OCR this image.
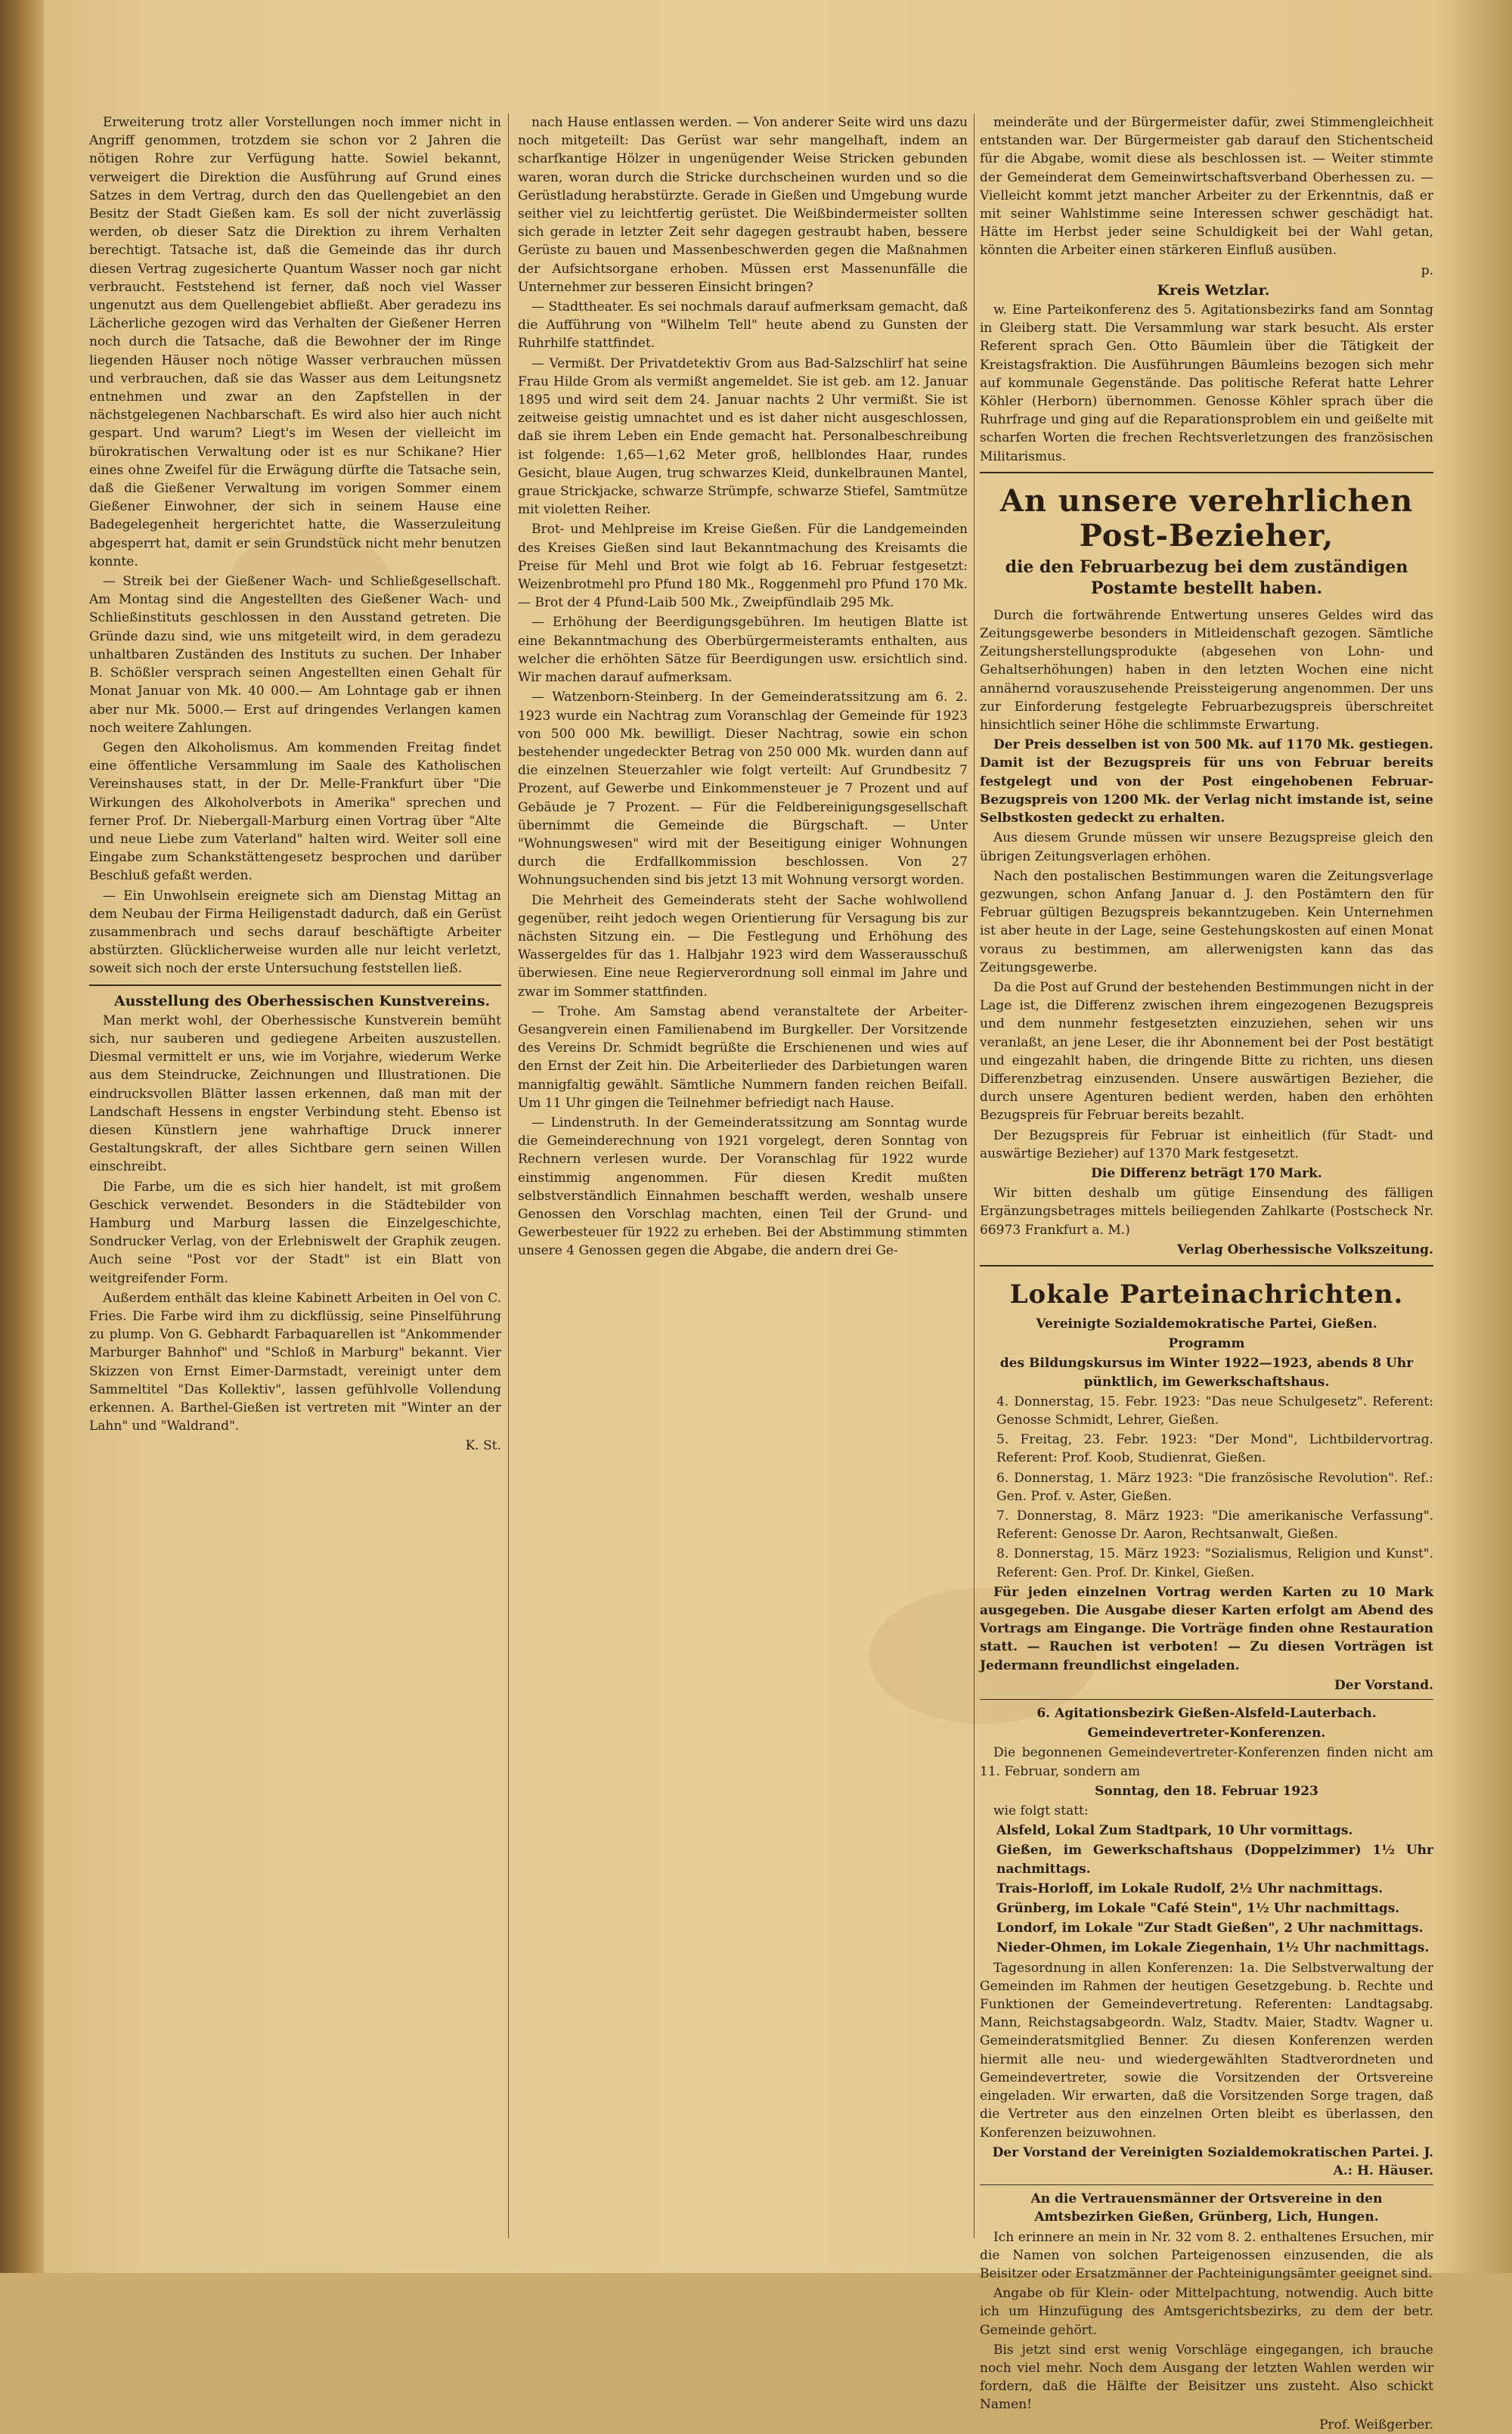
Erweiterung trotz aller Vorstellungen noch immer nicht in Angriff genommen, trotzdem sie schon vor 2 Jahren die nötigen Rohre zur Verfügung hatte. Sowiel bekannt, verweigert die Direktion die Ausführung auf Grund eines Satzes in dem Vertrag, durch den das Quellengebiet an den Besitz der Stadt Gießen kam. Es soll der nicht zuverlässig werden, ob dieser Satz die Direktion zu ihrem Verhalten berechtigt. Tatsache ist, daß die Gemeinde das ihr durch diesen Vertrag zugesicherte Quantum Wasser noch gar nicht verbraucht. Feststehend ist ferner, daß noch viel Wasser ungenutzt aus dem Quellengebiet abfließt. Aber geradezu ins Lächerliche gezogen wird das Verhalten der Gießener Herren noch durch die Tatsache, daß die Bewohner der im Ringe liegenden Häuser noch nötige Wasser verbrauchen müssen und verbrauchen, daß sie das Wasser aus dem Leitungsnetz entnehmen und zwar an den Zapfstellen in der nächstgelegenen Nachbarschaft. Es wird also hier auch nicht gespart. Und warum? Liegt's im Wesen der vielleicht im bürokratischen Verwaltung oder ist es nur Schikane? Hier eines ohne Zweifel für die Erwägung dürfte die Tatsache sein, daß die Gießener Verwaltung im vorigen Sommer einem Gießener Einwohner, der sich in seinem Hause eine Badegelegenheit hergerichtet hatte, die Wasserzuleitung abgesperrt hat, damit er sein Grundstück nicht mehr benutzen konnte.

— Streik bei der Gießener Wach- und Schließgesellschaft. Am Montag sind die Angestellten des Gießener Wach- und Schließinstituts geschlossen in den Ausstand getreten. Die Gründe dazu sind, wie uns mitgeteilt wird, in dem geradezu unhaltbaren Zuständen des Instituts zu suchen. Der Inhaber B. Schößler versprach seinen Angestellten einen Gehalt für Monat Januar von Mk. 40 000.— Am Lohntage gab er ihnen aber nur Mk. 5000.— Erst auf dringendes Verlangen kamen noch weitere Zahlungen.

Gegen den Alkoholismus. Am kommenden Freitag findet eine öffentliche Versammlung im Saale des Katholischen Vereinshauses statt, in der Dr. Melle-Frankfurt über "Die Wirkungen des Alkoholverbots in Amerika" sprechen und ferner Prof. Dr. Niebergall-Marburg einen Vortrag über "Alte und neue Liebe zum Vaterland" halten wird. Weiter soll eine Eingabe zum Schankstättengesetz besprochen und darüber Beschluß gefaßt werden.

— Ein Unwohlsein ereignete sich am Dienstag Mittag an dem Neubau der Firma Heiligenstadt dadurch, daß ein Gerüst zusammenbrach und sechs darauf beschäftigte Arbeiter abstürzten. Glücklicherweise wurden alle nur leicht verletzt, soweit sich noch der erste Untersuchung feststellen ließ.

Ausstellung des Oberhessischen Kunstvereins.

Man merkt wohl, der Oberhessische Kunstverein bemüht sich, nur sauberen und gediegene Arbeiten auszustellen. Diesmal vermittelt er uns, wie im Vorjahre, wiederum Werke aus dem Steindrucke, Zeichnungen und Illustrationen. Die eindrucksvollen Blätter lassen erkennen, daß man mit der Landschaft Hessens in engster Verbindung steht. Ebenso ist diesen Künstlern jene wahrhaftige Druck innerer Gestaltungskraft, der alles Sichtbare gern seinen Willen einschreibt.

Die Farbe, um die es sich hier handelt, ist mit großem Geschick verwendet. Besonders in die Städtebilder von Hamburg und Marburg lassen die Einzelgeschichte, Sondrucker Verlag, von der Erlebniswelt der Graphik zeugen. Auch seine "Post vor der Stadt" ist ein Blatt von weitgreifender Form.

Außerdem enthält das kleine Kabinett Arbeiten in Oel von C. Fries. Die Farbe wird ihm zu dickflüssig, seine Pinselführung zu plump. Von G. Gebhardt Farbaquarellen ist "Ankommender Marburger Bahnhof" und "Schloß in Marburg" bekannt. Vier Skizzen von Ernst Eimer-Darmstadt, vereinigt unter dem Sammeltitel "Das Kollektiv", lassen gefühlvolle Vollendung erkennen. A. Barthel-Gießen ist vertreten mit "Winter an der Lahn" und "Waldrand".

K. St.

nach Hause entlassen werden. — Von anderer Seite wird uns dazu noch mitgeteilt: Das Gerüst war sehr mangelhaft, indem an scharfkantige Hölzer in ungenügender Weise Stricken gebunden waren, woran durch die Stricke durchscheinen wurden und so die Gerüstladung herabstürzte. Gerade in Gießen und Umgebung wurde seither viel zu leichtfertig gerüstet. Die Weißbindermeister sollten sich gerade in letzter Zeit sehr dagegen gestraubt haben, bessere Gerüste zu bauen und Massenbeschwerden gegen die Maßnahmen der Aufsichtsorgane erhoben. Müssen erst Massenunfälle die Unternehmer zur besseren Einsicht bringen?

— Stadttheater. Es sei nochmals darauf aufmerksam gemacht, daß die Aufführung von "Wilhelm Tell" heute abend zu Gunsten der Ruhrhilfe stattfindet.

— Vermißt. Der Privatdetektiv Grom aus Bad-Salzschlirf hat seine Frau Hilde Grom als vermißt angemeldet. Sie ist geb. am 12. Januar 1895 und wird seit dem 24. Januar nachts 2 Uhr vermißt. Sie ist zeitweise geistig umnachtet und es ist daher nicht ausgeschlossen, daß sie ihrem Leben ein Ende gemacht hat. Personalbeschreibung ist folgende: 1,65—1,62 Meter groß, hellblondes Haar, rundes Gesicht, blaue Augen, trug schwarzes Kleid, dunkelbraunen Mantel, graue Strickjacke, schwarze Strümpfe, schwarze Stiefel, Samtmütze mit violetten Reiher.

Brot- und Mehlpreise im Kreise Gießen. Für die Landgemeinden des Kreises Gießen sind laut Bekanntmachung des Kreisamts die Preise für Mehl und Brot wie folgt ab 16. Februar festgesetzt: Weizenbrotmehl pro Pfund 180 Mk., Roggenmehl pro Pfund 170 Mk. — Brot der 4 Pfund-Laib 500 Mk., Zweipfündlaib 295 Mk.

— Erhöhung der Beerdigungsgebühren. Im heutigen Blatte ist eine Bekanntmachung des Oberbürgermeisteramts enthalten, aus welcher die erhöhten Sätze für Beerdigungen usw. ersichtlich sind. Wir machen darauf aufmerksam.

— Watzenborn-Steinberg. In der Gemeinderatssitzung am 6. 2. 1923 wurde ein Nachtrag zum Voranschlag der Gemeinde für 1923 von 500 000 Mk. bewilligt. Dieser Nachtrag, sowie ein schon bestehender ungedeckter Betrag von 250 000 Mk. wurden dann auf die einzelnen Steuerzahler wie folgt verteilt: Auf Grundbesitz 7 Prozent, auf Gewerbe und Einkommensteuer je 7 Prozent und auf Gebäude je 7 Prozent. — Für die Feldbereinigungsgesellschaft übernimmt die Gemeinde die Bürgschaft. — Unter "Wohnungswesen" wird mit der Beseitigung einiger Wohnungen durch die Erdfallkommission beschlossen. Von 27 Wohnungsuchenden sind bis jetzt 13 mit Wohnung versorgt worden.

Die Mehrheit des Gemeinderats steht der Sache wohlwollend gegenüber, reiht jedoch wegen Orientierung für Versagung bis zur nächsten Sitzung ein. — Die Festlegung und Erhöhung des Wassergeldes für das 1. Halbjahr 1923 wird dem Wasserausschuß überwiesen. Eine neue Regierverordnung soll einmal im Jahre und zwar im Sommer stattfinden.

— Trohe. Am Samstag abend veranstaltete der Arbeiter-Gesangverein einen Familienabend im Burgkeller. Der Vorsitzende des Vereins Dr. Schmidt begrüßte die Erschienenen und wies auf den Ernst der Zeit hin. Die Arbeiterlieder des Darbietungen waren mannigfaltig gewählt. Sämtliche Nummern fanden reichen Beifall. Um 11 Uhr gingen die Teilnehmer befriedigt nach Hause.

— Lindenstruth. In der Gemeinderatssitzung am Sonntag wurde die Gemeinderechnung von 1921 vorgelegt, deren Sonntag von Rechnern verlesen wurde. Der Voranschlag für 1922 wurde einstimmig angenommen. Für diesen Kredit mußten selbstverständlich Einnahmen beschafft werden, weshalb unsere Genossen den Vorschlag machten, einen Teil der Grund- und Gewerbesteuer für 1922 zu erheben. Bei der Abstimmung stimmten unsere 4 Genossen gegen die Abgabe, die andern drei Ge-

meinderäte und der Bürgermeister dafür, zwei Stimmengleichheit entstanden war. Der Bürgermeister gab darauf den Stichentscheid für die Abgabe, womit diese als beschlossen ist. — Weiter stimmte der Gemeinderat dem Gemeinwirtschaftsverband Oberhessen zu. — Vielleicht kommt jetzt mancher Arbeiter zu der Erkenntnis, daß er mit seiner Wahlstimme seine Interessen schwer geschädigt hat. Hätte im Herbst jeder seine Schuldigkeit bei der Wahl getan, könnten die Arbeiter einen stärkeren Einfluß ausüben.

p.

Kreis Wetzlar.

w. Eine Parteikonferenz des 5. Agitationsbezirks fand am Sonntag in Gleiberg statt. Die Versammlung war stark besucht. Als erster Referent sprach Gen. Otto Bäumlein über die Tätigkeit der Kreistagsfraktion. Die Ausführungen Bäumleins bezogen sich mehr auf kommunale Gegenstände. Das politische Referat hatte Lehrer Köhler (Herborn) übernommen. Genosse Köhler sprach über die Ruhrfrage und ging auf die Reparationsproblem ein und geißelte mit scharfen Worten die frechen Rechtsverletzungen des französischen Militarismus.

An unsere verehrlichen Post-Bezieher,
die den Februarbezug bei dem zuständigen Postamte bestellt haben.

Durch die fortwährende Entwertung unseres Geldes wird das Zeitungsgewerbe besonders in Mitleidenschaft gezogen. Sämtliche Zeitungsherstellungsprodukte (abgesehen von Lohn- und Gehaltserhöhungen) haben in den letzten Wochen eine nicht annähernd vorauszusehende Preissteigerung angenommen. Der uns zur Einforderung festgelegte Februarbezugspreis überschreitet hinsichtlich seiner Höhe die schlimmste Erwartung.

Der Preis desselben ist von 500 Mk. auf 1170 Mk. gestiegen. Damit ist der Bezugspreis für uns von Februar bereits festgelegt und von der Post eingehobenen Februar-Bezugspreis von 1200 Mk. der Verlag nicht imstande ist, seine Selbstkosten gedeckt zu erhalten.

Aus diesem Grunde müssen wir unsere Bezugspreise gleich den übrigen Zeitungsverlagen erhöhen.

Nach den postalischen Bestimmungen waren die Zeitungsverlage gezwungen, schon Anfang Januar d. J. den Postämtern den für Februar gültigen Bezugspreis bekanntzugeben. Kein Unternehmen ist aber heute in der Lage, seine Gestehungskosten auf einen Monat voraus zu bestimmen, am allerwenigsten kann das das Zeitungsgewerbe.

Da die Post auf Grund der bestehenden Bestimmungen nicht in der Lage ist, die Differenz zwischen ihrem eingezogenen Bezugspreis und dem nunmehr festgesetzten einzuziehen, sehen wir uns veranlaßt, an jene Leser, die ihr Abonnement bei der Post bestätigt und eingezahlt haben, die dringende Bitte zu richten, uns diesen Differenzbetrag einzusenden. Unsere auswärtigen Bezieher, die durch unsere Agenturen bedient werden, haben den erhöhten Bezugspreis für Februar bereits bezahlt.

Der Bezugspreis für Februar ist einheitlich (für Stadt- und auswärtige Bezieher) auf 1370 Mark festgesetzt.

Die Differenz beträgt 170 Mark.

Wir bitten deshalb um gütige Einsendung des fälligen Ergänzungsbetrages mittels beiliegenden Zahlkarte (Postscheck Nr. 66973 Frankfurt a. M.)

Verlag Oberhessische Volkszeitung.

Lokale Parteinachrichten.

Vereinigte Sozialdemokratische Partei, Gießen.

Programm

des Bildungskursus im Winter 1922—1923, abends 8 Uhr pünktlich, im Gewerkschaftshaus.

4. Donnerstag, 15. Febr. 1923: "Das neue Schulgesetz". Referent: Genosse Schmidt, Lehrer, Gießen.

5. Freitag, 23. Febr. 1923: "Der Mond", Lichtbildervortrag. Referent: Prof. Koob, Studienrat, Gießen.

6. Donnerstag, 1. März 1923: "Die französische Revolution". Ref.: Gen. Prof. v. Aster, Gießen.

7. Donnerstag, 8. März 1923: "Die amerikanische Verfassung". Referent: Genosse Dr. Aaron, Rechtsanwalt, Gießen.

8. Donnerstag, 15. März 1923: "Sozialismus, Religion und Kunst". Referent: Gen. Prof. Dr. Kinkel, Gießen.

Für jeden einzelnen Vortrag werden Karten zu 10 Mark ausgegeben. Die Ausgabe dieser Karten erfolgt am Abend des Vortrags am Eingange. Die Vorträge finden ohne Restauration statt. — Rauchen ist verboten! — Zu diesen Vorträgen ist Jedermann freundlichst eingeladen.

Der Vorstand.

6. Agitationsbezirk Gießen-Alsfeld-Lauterbach.

Gemeindevertreter-Konferenzen.

Die begonnenen Gemeindevertreter-Konferenzen finden nicht am 11. Februar, sondern am

Sonntag, den 18. Februar 1923

wie folgt statt:

Alsfeld, Lokal Zum Stadtpark, 10 Uhr vormittags.

Gießen, im Gewerkschaftshaus (Doppelzimmer) 1½ Uhr nachmittags.

Trais-Horloff, im Lokale Rudolf, 2½ Uhr nachmittags.

Grünberg, im Lokale "Café Stein", 1½ Uhr nachmittags.

Londorf, im Lokale "Zur Stadt Gießen", 2 Uhr nachmittags.

Nieder-Ohmen, im Lokale Ziegenhain, 1½ Uhr nachmittags.

Tagesordnung in allen Konferenzen: 1a. Die Selbstverwaltung der Gemeinden im Rahmen der heutigen Gesetzgebung. b. Rechte und Funktionen der Gemeindevertretung. Referenten: Landtagsabg. Mann, Reichstagsabgeordn. Walz, Stadtv. Maier, Stadtv. Wagner u. Gemeinderatsmitglied Benner. Zu diesen Konferenzen werden hiermit alle neu- und wiedergewählten Stadtverordneten und Gemeindevertreter, sowie die Vorsitzenden der Ortsvereine eingeladen. Wir erwarten, daß die Vorsitzenden Sorge tragen, daß die Vertreter aus den einzelnen Orten bleibt es überlassen, den Konferenzen beizuwohnen.

Der Vorstand der Vereinigten Sozialdemokratischen Partei. J. A.: H. Häuser.

An die Vertrauensmänner der Ortsvereine in den Amtsbezirken Gießen, Grünberg, Lich, Hungen.

Ich erinnere an mein in Nr. 32 vom 8. 2. enthaltenes Ersuchen, mir die Namen von solchen Parteigenossen einzusenden, die als Beisitzer oder Ersatzmänner der Pachteinigungsämter geeignet sind.

Angabe ob für Klein- oder Mittelpachtung, notwendig. Auch bitte ich um Hinzufügung des Amtsgerichtsbezirks, zu dem der betr. Gemeinde gehört.

Bis jetzt sind erst wenig Vorschläge eingegangen, ich brauche noch viel mehr. Noch dem Ausgang der letzten Wahlen werden wir fordern, daß die Hälfte der Beisitzer uns zusteht. Also schickt Namen!

Prof. Weißgerber.
